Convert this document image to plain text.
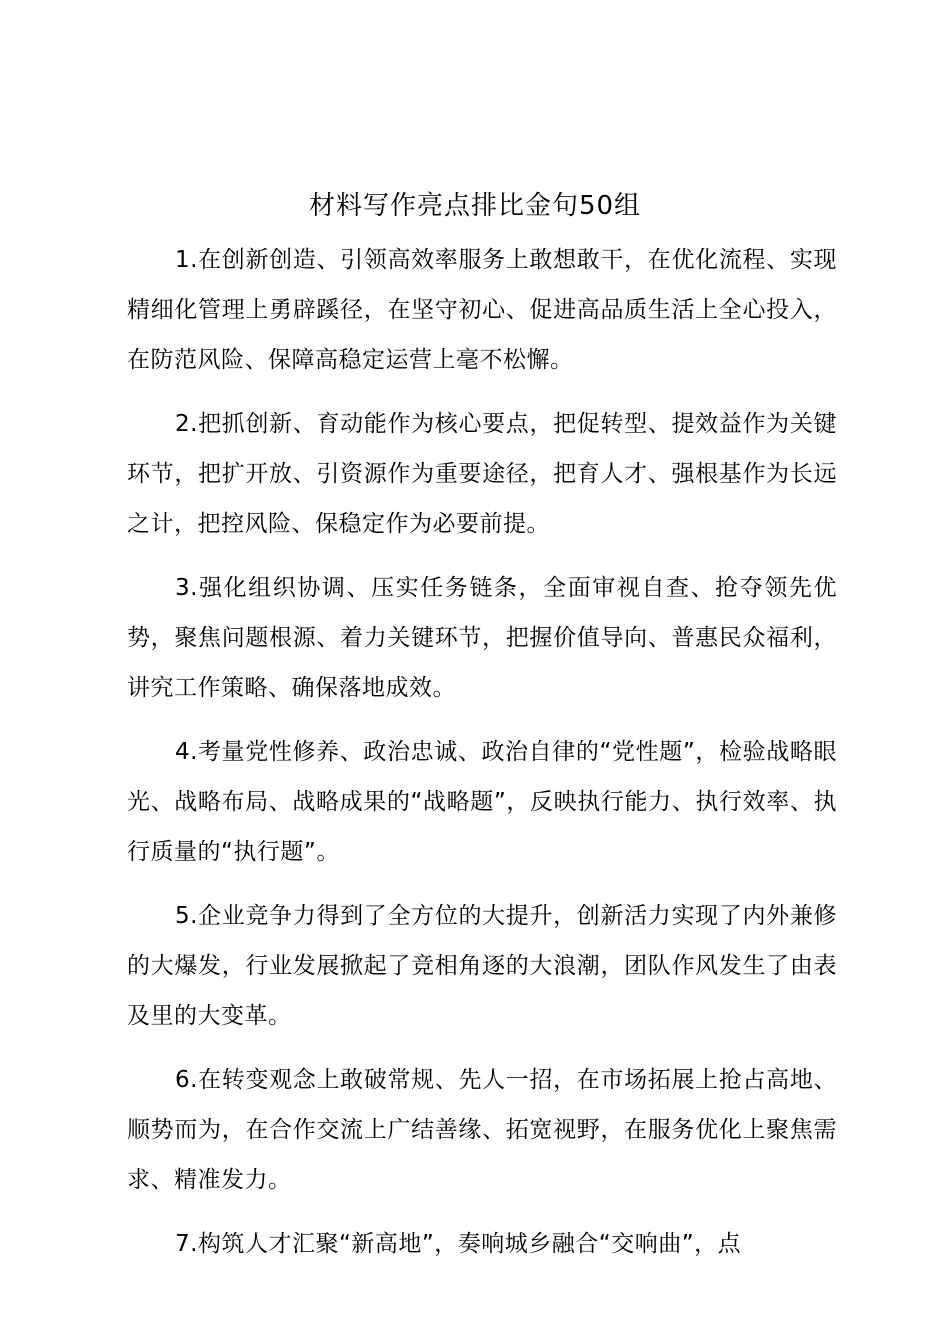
材料写作亮点排比金句50组

1.在创新创造、引领高效率服务上敢想敢干，在优化流程、实现精细化管理上勇辟蹊径，在坚守初心、促进高品质生活上全心投入，在防范风险、保障高稳定运营上毫不松懈。

2.把抓创新、育动能作为核心要点，把促转型、提效益作为关键环节，把扩开放、引资源作为重要途径，把育人才、强根基作为长远之计，把控风险、保稳定作为必要前提。

3.强化组织协调、压实任务链条，全面审视自查、抢夺领先优势，聚焦问题根源、着力关键环节，把握价值导向、普惠民众福利，讲究工作策略、确保落地成效。

4.考量党性修养、政治忠诚、政治自律的“党性题”，检验战略眼光、战略布局、战略成果的“战略题”，反映执行能力、执行效率、执行质量的“执行题”。

5.企业竞争力得到了全方位的大提升，创新活力实现了内外兼修的大爆发，行业发展掀起了竞相角逐的大浪潮，团队作风发生了由表及里的大变革。

6.在转变观念上敢破常规、先人一招，在市场拓展上抢占高地、顺势而为，在合作交流上广结善缘、拓宽视野，在服务优化上聚焦需求、精准发力。

7.构筑人才汇聚“新高地”，奏响城乡融合“交响曲”，点
